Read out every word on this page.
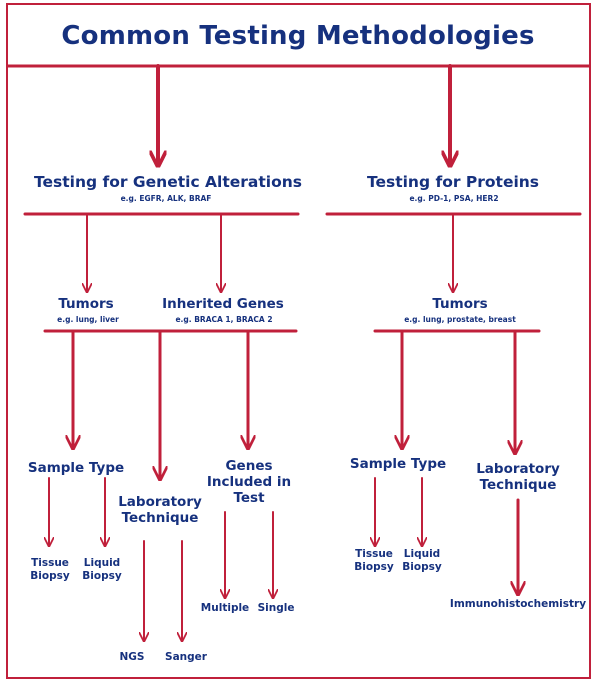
Common Testing Methodologies
Testing for Genetic Alterations
e.g. EGFR, ALK, BRAF
Tumors
e.g. lung, liver
Inherited Genes
e.g. BRACA 1, BRACA 2
Sample Type
Laboratory Technique
Genes Included in Test
Tissue Biopsy
Liquid Biopsy
NGS Sanger
Multiple Single
Testing for Proteins
e.g. PD-1, PSA, HER2
Tumors
e.g. lung, prostate, breast
Sample Type	Laboratory Technique
Tissue Biopsy
Liquid Biopsy
Immunohistochemistry
